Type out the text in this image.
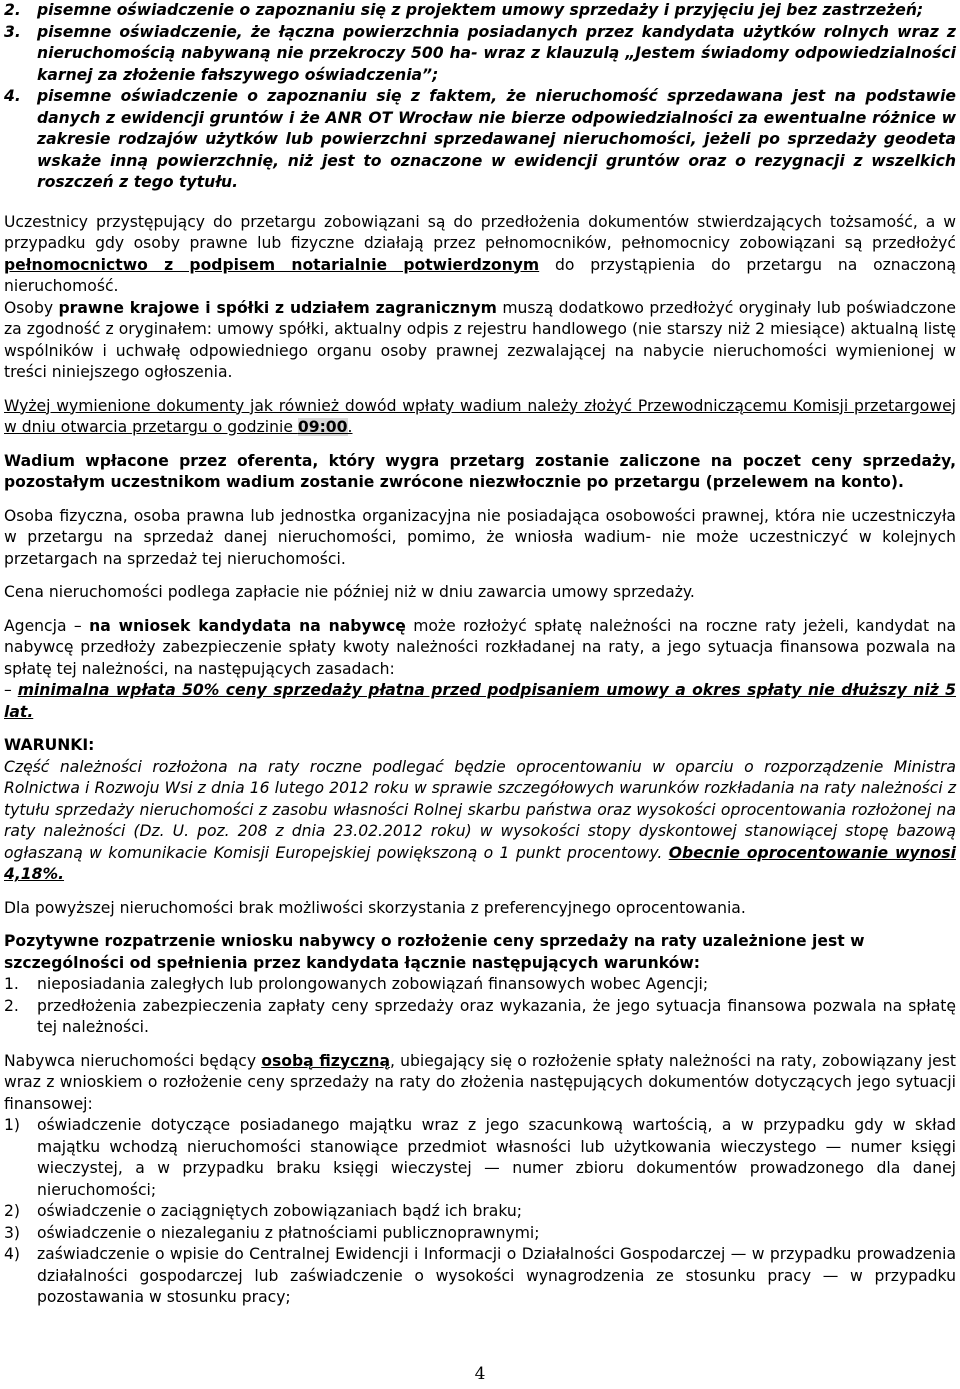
2.	pisemne oświadczenie o zapoznaniu się z projektem umowy sprzedaży i przyjęciu jej bez zastrzeżeń;
3.	pisemne oświadczenie, że łączna powierzchnia posiadanych przez kandydata użytków rolnych wraz z nieruchomością nabywaną nie przekroczy 500 ha- wraz z klauzulą „Jestem świadomy odpowiedzialności karnej za złożenie fałszywego oświadczenia”;
4.	pisemne oświadczenie o zapoznaniu się z faktem, że nieruchomość sprzedawana jest na podstawie danych z ewidencji gruntów i że ANR OT Wrocław nie bierze odpowiedzialności za ewentualne różnice w zakresie rodzajów użytków lub powierzchni sprzedawanej nieruchomości, jeżeli po sprzedaży geodeta wskaże inną powierzchnię, niż jest to oznaczone w ewidencji gruntów oraz o rezygnacji z wszelkich roszczeń z tego tytułu.

Uczestnicy przystępujący do przetargu zobowiązani są do przedłożenia dokumentów stwierdzających tożsamość, a w przypadku gdy osoby prawne lub fizyczne działają przez pełnomocników, pełnomocnicy zobowiązani są przedłożyć pełnomocnictwo z podpisem notarialnie potwierdzonym do przystąpienia do przetargu na oznaczoną nieruchomość.

Osoby prawne krajowe i spółki z udziałem zagranicznym muszą dodatkowo przedłożyć oryginały lub poświadczone za zgodność z oryginałem: umowy spółki, aktualny odpis z rejestru handlowego (nie starszy niż 2 miesiące) aktualną listę wspólników i uchwałę odpowiedniego organu osoby prawnej zezwalającej na nabycie nieruchomości wymienionej w treści niniejszego ogłoszenia.

Wyżej wymienione dokumenty jak również dowód wpłaty wadium należy złożyć Przewodniczącemu Komisji przetargowej w dniu otwarcia przetargu o godzinie 09:00.

Wadium wpłacone przez oferenta, który wygra przetarg zostanie zaliczone na poczet ceny sprzedaży, pozostałym uczestnikom wadium zostanie zwrócone niezwłocznie po przetargu (przelewem na konto).

Osoba fizyczna, osoba prawna lub jednostka organizacyjna nie posiadająca osobowości prawnej, która nie uczestniczyła w przetargu na sprzedaż danej nieruchomości, pomimo, że wniosła wadium- nie może uczestniczyć w kolejnych przetargach na sprzedaż tej nieruchomości.

Cena nieruchomości podlega zapłacie nie później niż w dniu zawarcia umowy sprzedaży.

Agencja – na wniosek kandydata na nabywcę może rozłożyć spłatę należności na roczne raty jeżeli, kandydat na nabywcę przedłoży zabezpieczenie spłaty kwoty należności rozkładanej na raty, a jego sytuacja finansowa pozwala na spłatę tej należności, na następujących zasadach:

– minimalna wpłata 50% ceny sprzedaży płatna przed podpisaniem umowy a okres spłaty nie dłuższy niż 5 lat.

WARUNKI:

Część należności rozłożona na raty roczne podlegać będzie oprocentowaniu w oparciu o rozporządzenie Ministra Rolnictwa i Rozwoju Wsi z dnia 16 lutego 2012 roku w sprawie szczegółowych warunków rozkładania na raty należności z tytułu sprzedaży nieruchomości z zasobu własności Rolnej skarbu państwa oraz wysokości oprocentowania rozłożonej na raty należności (Dz. U. poz. 208 z dnia 23.02.2012 roku) w wysokości stopy dyskontowej stanowiącej stopę bazową ogłaszaną w komunikacie Komisji Europejskiej powiększoną o 1 punkt procentowy. Obecnie oprocentowanie wynosi 4,18%.

Dla powyższej nieruchomości brak możliwości skorzystania z preferencyjnego oprocentowania.

Pozytywne rozpatrzenie wniosku nabywcy o rozłożenie ceny sprzedaży na raty uzależnione jest w szczególności od spełnienia przez kandydata łącznie następujących warunków:

1.	nieposiadania zaległych lub prolongowanych zobowiązań finansowych wobec Agencji;
2.	przedłożenia zabezpieczenia zapłaty ceny sprzedaży oraz wykazania, że jego sytuacja finansowa pozwala na spłatę tej należności.

Nabywca nieruchomości będący osobą fizyczną, ubiegający się o rozłożenie spłaty należności na raty, zobowiązany jest wraz z wnioskiem o rozłożenie ceny sprzedaży na raty do złożenia następujących dokumentów dotyczących jego sytuacji finansowej:

1)	oświadczenie dotyczące posiadanego majątku wraz z jego szacunkową wartością, a w przypadku gdy w skład majątku wchodzą nieruchomości stanowiące przedmiot własności lub użytkowania wieczystego — numer księgi wieczystej, a w przypadku braku księgi wieczystej — numer zbioru dokumentów prowadzonego dla danej nieruchomości;
2)	oświadczenie o zaciągniętych zobowiązaniach bądź ich braku;
3)	oświadczenie o niezaleganiu z płatnościami publicznoprawnymi;
4)	zaświadczenie o wpisie do Centralnej Ewidencji i Informacji o Działalności Gospodarczej — w przypadku prowadzenia działalności gospodarczej lub zaświadczenie o wysokości wynagrodzenia ze stosunku pracy — w przypadku pozostawania w stosunku pracy;
4
